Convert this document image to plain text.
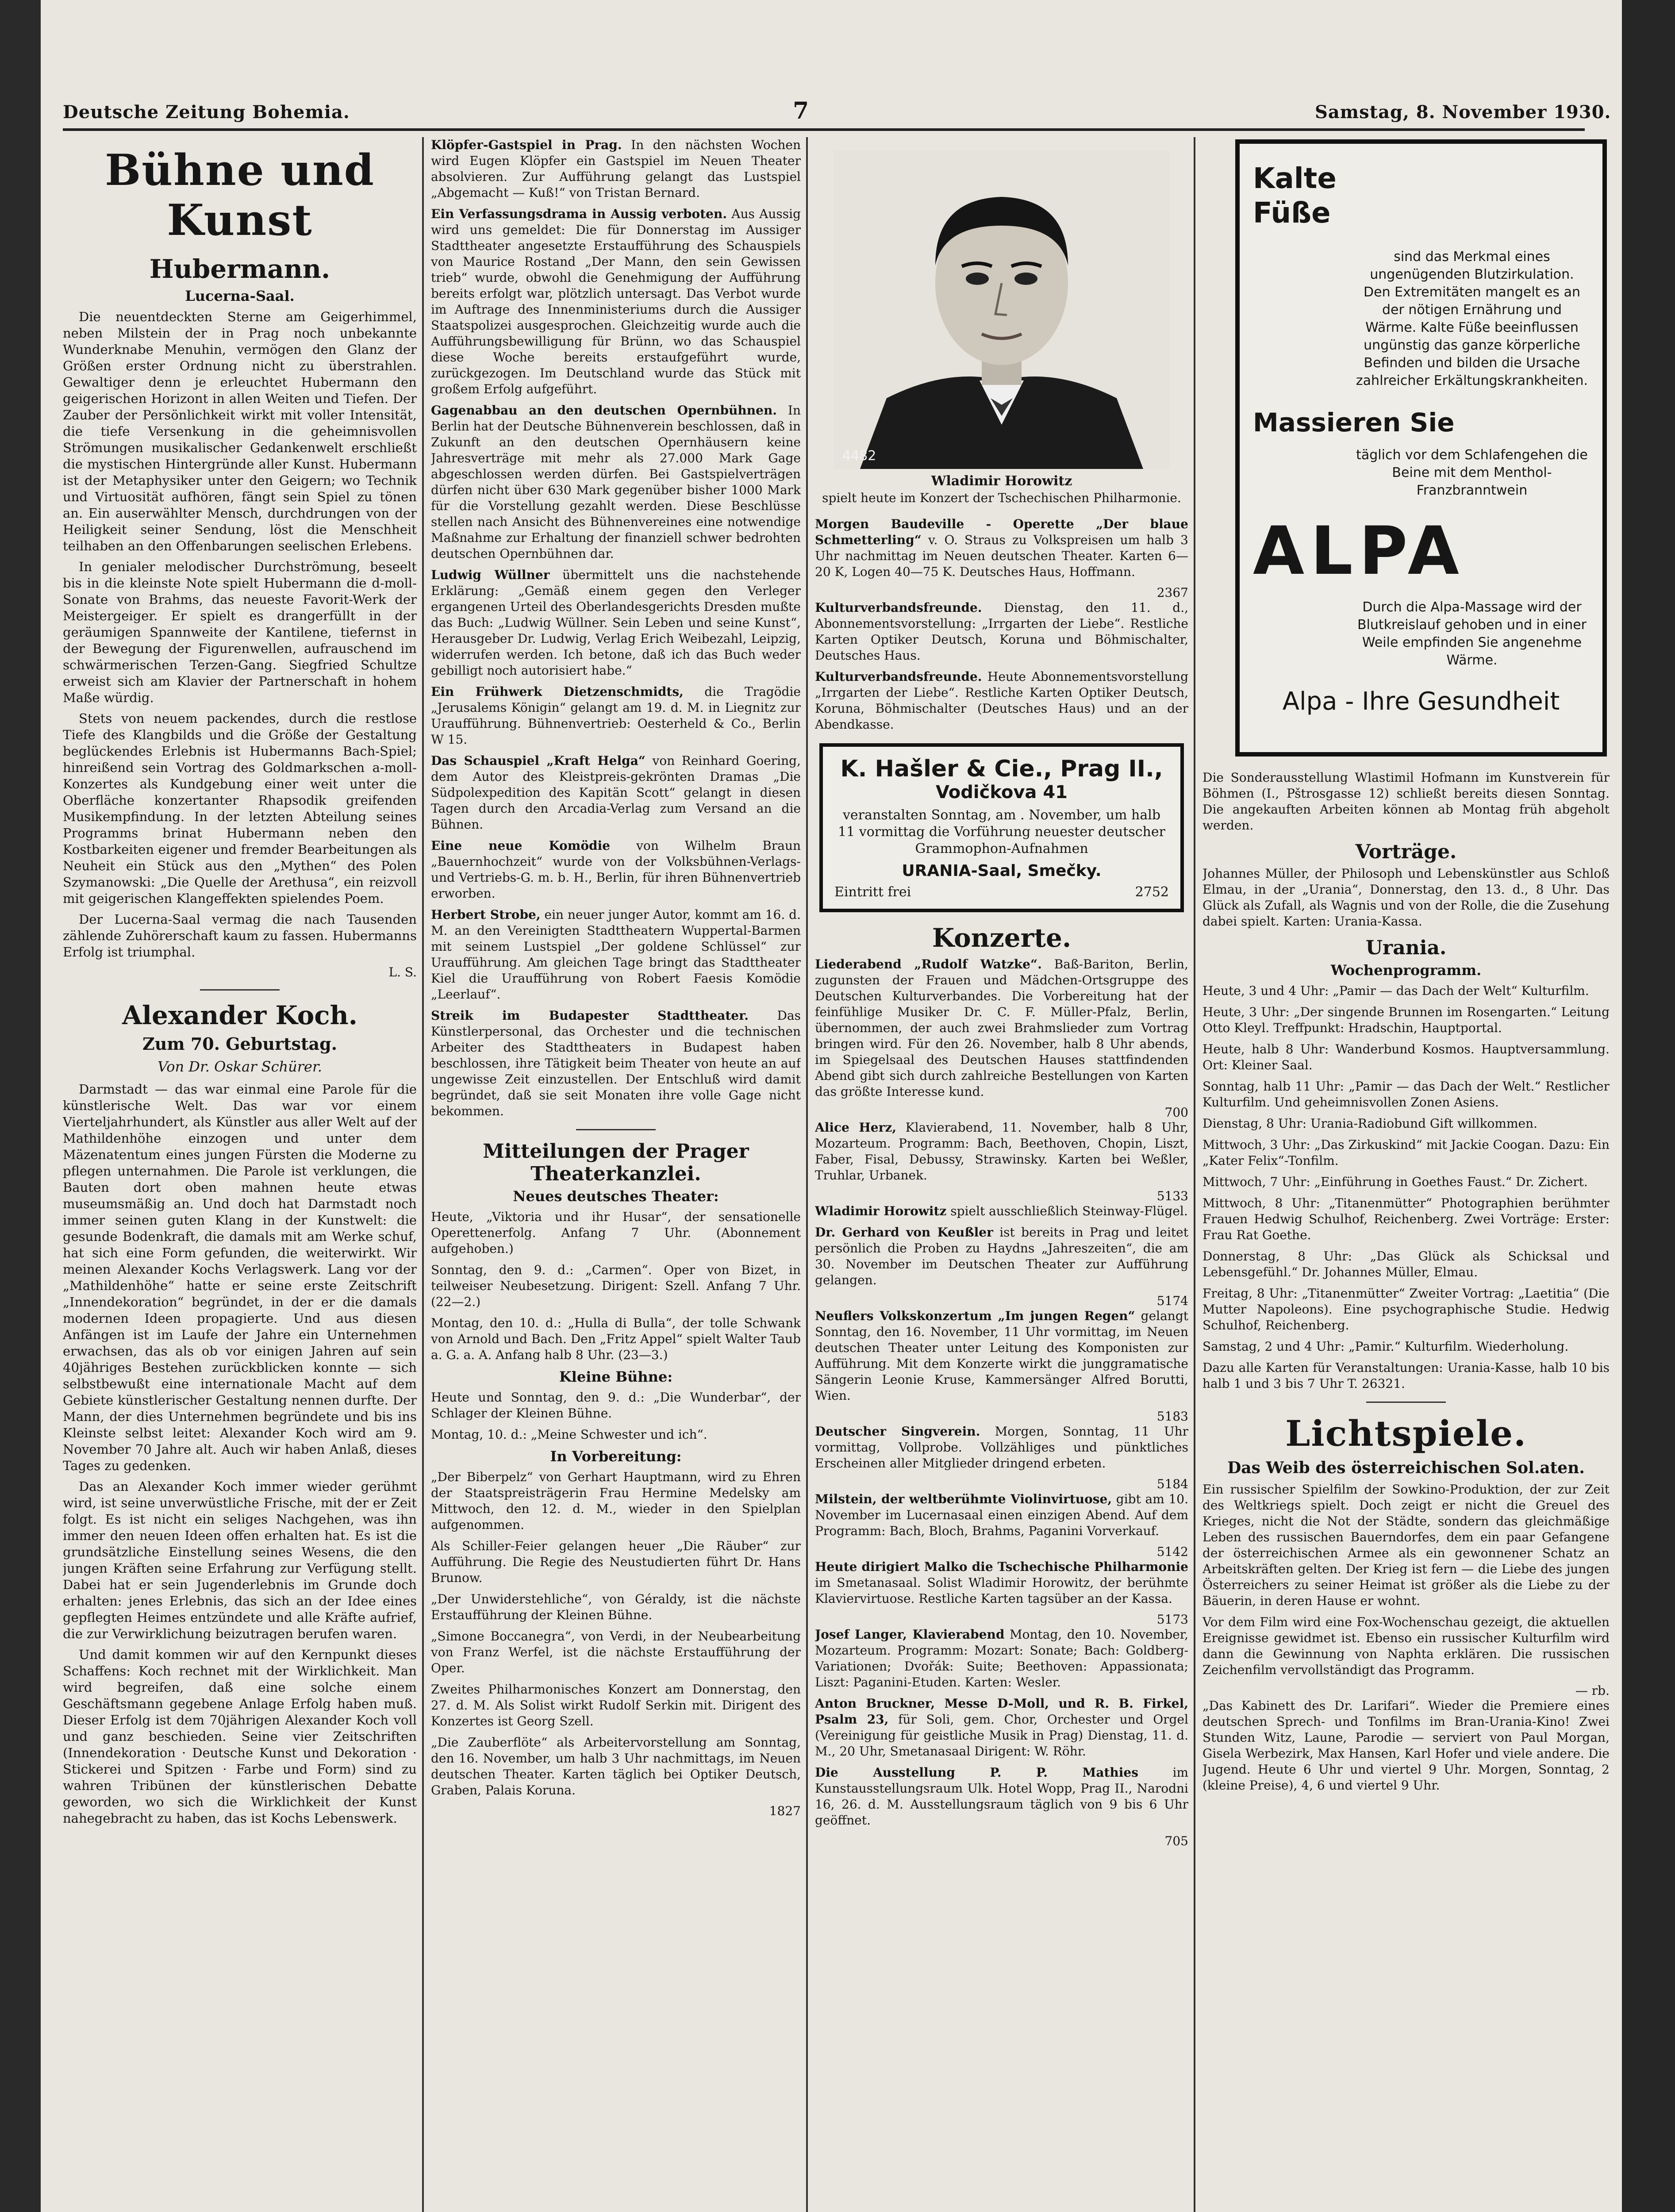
Deutsche Zeitung Bohemia.	7	Samstag, 8. November 1930.
Bühne und Kunst
Hubermann.
Lucerna-Saal.

Die neuentdeckten Sterne am Geigerhimmel, neben Milstein der in Prag noch unbekannte Wunderknabe Menuhin, vermögen den Glanz der Größen erster Ordnung nicht zu überstrahlen. Gewaltiger denn je erleuchtet Hubermann den geigerischen Horizont in allen Weiten und Tiefen. Der Zauber der Persönlichkeit wirkt mit voller Intensität, die tiefe Versenkung in die geheimnisvollen Strömungen musikalischer Gedankenwelt erschließt die mystischen Hintergründe aller Kunst. Hubermann ist der Metaphysiker unter den Geigern; wo Technik und Virtuosität aufhören, fängt sein Spiel zu tönen an. Ein auserwählter Mensch, durchdrungen von der Heiligkeit seiner Sendung, löst die Menschheit teilhaben an den Offenbarungen seelischen Erlebens.

In genialer melodischer Durchströmung, beseelt bis in die kleinste Note spielt Hubermann die d-moll-Sonate von Brahms, das neueste Favorit-Werk der Meistergeiger. Er spielt es drangerfüllt in der geräumigen Spannweite der Kantilene, tiefernst in der Bewegung der Figurenwellen, aufrauschend im schwärmerischen Terzen-Gang. Siegfried Schultze erweist sich am Klavier der Partnerschaft in hohem Maße würdig.

Stets von neuem packendes, durch die restlose Tiefe des Klangbilds und die Größe der Gestaltung beglückendes Erlebnis ist Hubermanns Bach-Spiel; hinreißend sein Vortrag des Goldmarkschen a-moll-Konzertes als Kundgebung einer weit unter die Oberfläche konzertanter Rhapsodik greifenden Musikempfindung. In der letzten Abteilung seines Programms brinat Hubermann neben den Kostbarkeiten eigener und fremder Bearbeitungen als Neuheit ein Stück aus den „Mythen“ des Polen Szymanowski: „Die Quelle der Arethusa“, ein reizvoll mit geigerischen Klangeffekten spielendes Poem.

Der Lucerna-Saal vermag die nach Tausenden zählende Zuhörerschaft kaum zu fassen. Hubermanns Erfolg ist triumphal.

L. S.
Alexander Koch.
Zum 70. Geburtstag.
Von Dr. Oskar Schürer.

Darmstadt — das war einmal eine Parole für die künstlerische Welt. Das war vor einem Vierteljahrhundert, als Künstler aus aller Welt auf der Mathildenhöhe einzogen und unter dem Mäzenatentum eines jungen Fürsten die Moderne zu pflegen unternahmen. Die Parole ist verklungen, die Bauten dort oben mahnen heute etwas museumsmäßig an. Und doch hat Darmstadt noch immer seinen guten Klang in der Kunstwelt: die gesunde Bodenkraft, die damals mit am Werke schuf, hat sich eine Form gefunden, die weiterwirkt. Wir meinen Alexander Kochs Verlagswerk. Lang vor der „Mathildenhöhe“ hatte er seine erste Zeitschrift „Innendekoration“ begründet, in der er die damals modernen Ideen propagierte. Und aus diesen Anfängen ist im Laufe der Jahre ein Unternehmen erwachsen, das als ob vor einigen Jahren auf sein 40jähriges Bestehen zurückblicken konnte — sich selbstbewußt eine internationale Macht auf dem Gebiete künstlerischer Gestaltung nennen durfte. Der Mann, der dies Unternehmen begründete und bis ins Kleinste selbst leitet: Alexander Koch wird am 9. November 70 Jahre alt. Auch wir haben Anlaß, dieses Tages zu gedenken.

Das an Alexander Koch immer wieder gerühmt wird, ist seine unverwüstliche Frische, mit der er Zeit folgt. Es ist nicht ein seliges Nachgehen, was ihn immer den neuen Ideen offen erhalten hat. Es ist die grundsätzliche Einstellung seines Wesens, die den jungen Kräften seine Erfahrung zur Verfügung stellt. Dabei hat er sein Jugenderlebnis im Grunde doch erhalten: jenes Erlebnis, das sich an der Idee eines gepflegten Heimes entzündete und alle Kräfte aufrief, die zur Verwirklichung beizutragen berufen waren.

Und damit kommen wir auf den Kernpunkt dieses Schaffens: Koch rechnet mit der Wirklichkeit. Man wird begreifen, daß eine solche einem Geschäftsmann gegebene Anlage Erfolg haben muß. Dieser Erfolg ist dem 70jährigen Alexander Koch voll und ganz beschieden. Seine vier Zeitschriften (Innendekoration · Deutsche Kunst und Dekoration · Stickerei und Spitzen · Farbe und Form) sind zu wahren Tribünen der künstlerischen Debatte geworden, wo sich die Wirklichkeit der Kunst nahegebracht zu haben, das ist Kochs Lebenswerk.

Klöpfer-Gastspiel in Prag. In den nächsten Wochen wird Eugen Klöpfer ein Gastspiel im Neuen Theater absolvieren. Zur Aufführung gelangt das Lustspiel „Abgemacht — Kuß!“ von Tristan Bernard.

Ein Verfassungsdrama in Aussig verboten. Aus Aussig wird uns gemeldet: Die für Donnerstag im Aussiger Stadttheater angesetzte Erstaufführung des Schauspiels von Maurice Rostand „Der Mann, den sein Gewissen trieb“ wurde, obwohl die Genehmigung der Aufführung bereits erfolgt war, plötzlich untersagt. Das Verbot wurde im Auftrage des Innenministeriums durch die Aussiger Staatspolizei ausgesprochen. Gleichzeitig wurde auch die Aufführungsbewilligung für Brünn, wo das Schauspiel diese Woche bereits erstaufgeführt wurde, zurückgezogen. Im Deutschland wurde das Stück mit großem Erfolg aufgeführt.

Gagenabbau an den deutschen Opernbühnen. In Berlin hat der Deutsche Bühnenverein beschlossen, daß in Zukunft an den deutschen Opernhäusern keine Jahresverträge mit mehr als 27.000 Mark Gage abgeschlossen werden dürfen. Bei Gastspielverträgen dürfen nicht über 630 Mark gegenüber bisher 1000 Mark für die Vorstellung gezahlt werden. Diese Beschlüsse stellen nach Ansicht des Bühnenvereines eine notwendige Maßnahme zur Erhaltung der finanziell schwer bedrohten deutschen Opernbühnen dar.

Ludwig Wüllner übermittelt uns die nachstehende Erklärung: „Gemäß einem gegen den Verleger ergangenen Urteil des Oberlandesgerichts Dresden mußte das Buch: „Ludwig Wüllner. Sein Leben und seine Kunst“, Herausgeber Dr. Ludwig, Verlag Erich Weibezahl, Leipzig, widerrufen werden. Ich betone, daß ich das Buch weder gebilligt noch autorisiert habe.“

Ein Frühwerk Dietzenschmidts, die Tragödie „Jerusalems Königin“ gelangt am 19. d. M. in Liegnitz zur Uraufführung. Bühnenvertrieb: Oesterheld & Co., Berlin W 15.

Das Schauspiel „Kraft Helga“ von Reinhard Goering, dem Autor des Kleistpreis-gekrönten Dramas „Die Südpolexpedition des Kapitän Scott“ gelangt in diesen Tagen durch den Arcadia-Verlag zum Versand an die Bühnen.

Eine neue Komödie von Wilhelm Braun „Bauernhochzeit“ wurde von der Volksbühnen-Verlags- und Vertriebs-G. m. b. H., Berlin, für ihren Bühnenvertrieb erworben.

Herbert Strobe, ein neuer junger Autor, kommt am 16. d. M. an den Vereinigten Stadttheatern Wuppertal-Barmen mit seinem Lustspiel „Der goldene Schlüssel“ zur Uraufführung. Am gleichen Tage bringt das Stadttheater Kiel die Uraufführung von Robert Faesis Komödie „Leerlauf“.

Streik im Budapester Stadttheater. Das Künstlerpersonal, das Orchester und die technischen Arbeiter des Stadttheaters in Budapest haben beschlossen, ihre Tätigkeit beim Theater von heute an auf ungewisse Zeit einzustellen. Der Entschluß wird damit begründet, daß sie seit Monaten ihre volle Gage nicht bekommen.

Mitteilungen der Prager Theaterkanzlei.
Neues deutsches Theater:

Heute, „Viktoria und ihr Husar“, der sensationelle Operettenerfolg. Anfang 7 Uhr. (Abonnement aufgehoben.)

Sonntag, den 9. d.: „Carmen“. Oper von Bizet, in teilweiser Neubesetzung. Dirigent: Szell. Anfang 7 Uhr. (22—2.)

Montag, den 10. d.: „Hulla di Bulla“, der tolle Schwank von Arnold und Bach. Den „Fritz Appel“ spielt Walter Taub a. G. a. A. Anfang halb 8 Uhr. (23—3.)

Kleine Bühne:

Heute und Sonntag, den 9. d.: „Die Wunderbar“, der Schlager der Kleinen Bühne.

Montag, 10. d.: „Meine Schwester und ich“.

In Vorbereitung:

„Der Biberpelz“ von Gerhart Hauptmann, wird zu Ehren der Staatspreisträgerin Frau Hermine Medelsky am Mittwoch, den 12. d. M., wieder in den Spielplan aufgenommen.

Als Schiller-Feier gelangen heuer „Die Räuber“ zur Aufführung. Die Regie des Neustudierten führt Dr. Hans Brunow.

„Der Unwiderstehliche“, von Géraldy, ist die nächste Erstaufführung der Kleinen Bühne.

„Simone Boccanegra“, von Verdi, in der Neubearbeitung von Franz Werfel, ist die nächste Erstaufführung der Oper.

Zweites Philharmonisches Konzert am Donnerstag, den 27. d. M. Als Solist wirkt Rudolf Serkin mit. Dirigent des Konzertes ist Georg Szell.

„Die Zauberflöte“ als Arbeitervorstellung am Sonntag, den 16. November, um halb 3 Uhr nachmittags, im Neuen deutschen Theater. Karten täglich bei Optiker Deutsch, Graben, Palais Koruna.

1827
4482
Wladimir Horowitz
spielt heute im Konzert der Tschechischen Philharmonie.

Morgen Baudeville - Operette „Der blaue Schmetterling“ v. O. Straus zu Volkspreisen um halb 3 Uhr nachmittag im Neuen deutschen Theater. Karten 6—20 K, Logen 40—75 K. Deutsches Haus, Hoffmann.

2367

Kulturverbandsfreunde. Dienstag, den 11. d., Abonnementsvorstellung: „Irrgarten der Liebe“. Restliche Karten Optiker Deutsch, Koruna und Böhmischalter, Deutsches Haus.

Kulturverbandsfreunde. Heute Abonnementsvorstellung „Irrgarten der Liebe“. Restliche Karten Optiker Deutsch, Koruna, Böhmischalter (Deutsches Haus) und an der Abendkasse.

K. Hašler & Cie., Prag II.,
Vodičkova 41
veranstalten Sonntag, am . November, um halb 11 vormittag die Vorführung neuester deutscher Grammophon-Aufnahmen
URANIA-Saal, Smečky.
Eintritt frei	2752
Konzerte.

Liederabend „Rudolf Watzke“. Baß-Bariton, Berlin, zugunsten der Frauen und Mädchen-Ortsgruppe des Deutschen Kulturverbandes. Die Vorbereitung hat der feinfühlige Musiker Dr. C. F. Müller-Pfalz, Berlin, übernommen, der auch zwei Brahmslieder zum Vortrag bringen wird. Für den 26. November, halb 8 Uhr abends, im Spiegelsaal des Deutschen Hauses stattfindenden Abend gibt sich durch zahlreiche Bestellungen von Karten das größte Interesse kund.

700

Alice Herz, Klavierabend, 11. November, halb 8 Uhr, Mozarteum. Programm: Bach, Beethoven, Chopin, Liszt, Faber, Fisal, Debussy, Strawinsky. Karten bei Weßler, Truhlar, Urbanek.

5133

Wladimir Horowitz spielt ausschließlich Steinway-Flügel.

Dr. Gerhard von Keußler ist bereits in Prag und leitet persönlich die Proben zu Haydns „Jahreszeiten“, die am 30. November im Deutschen Theater zur Aufführung gelangen.

5174

Neuflers Volkskonzertum „Im jungen Regen“ gelangt Sonntag, den 16. November, 11 Uhr vormittag, im Neuen deutschen Theater unter Leitung des Komponisten zur Aufführung. Mit dem Konzerte wirkt die junggramatische Sängerin Leonie Kruse, Kammersänger Alfred Borutti, Wien.

5183

Deutscher Singverein. Morgen, Sonntag, 11 Uhr vormittag, Vollprobe. Vollzähliges und pünktliches Erscheinen aller Mitglieder dringend erbeten.

5184

Milstein, der weltberühmte Violinvirtuose, gibt am 10. November im Lucernasaal einen einzigen Abend. Auf dem Programm: Bach, Bloch, Brahms, Paganini Vorverkauf.

5142

Heute dirigiert Malko die Tschechische Philharmonie im Smetanasaal. Solist Wladimir Horowitz, der berühmte Klaviervirtuose. Restliche Karten tagsüber an der Kassa.

5173

Josef Langer, Klavierabend Montag, den 10. November, Mozarteum. Programm: Mozart: Sonate; Bach: Goldberg-Variationen; Dvořák: Suite; Beethoven: Appassionata; Liszt: Paganini-Etuden. Karten: Wesler.

Anton Bruckner, Messe D-Moll, und R. B. Firkel, Psalm 23, für Soli, gem. Chor, Orchester und Orgel (Vereinigung für geistliche Musik in Prag) Dienstag, 11. d. M., 20 Uhr, Smetanasaal Dirigent: W. Röhr.

Die Ausstellung P. P. Mathies	im Kunstausstellungsraum Ulk. Hotel Wopp, Prag II., Narodni 16, 26. d. M. Ausstellungsraum täglich von 9 bis 6 Uhr geöffnet.

705
Kalte
Füße
sind das Merkmal eines ungenügenden Blutzirkulation. Den Extremitäten mangelt es an der nötigen Ernährung und Wärme. Kalte Füße beeinflussen ungünstig das ganze körperliche Befinden und bilden die Ursache zahlreicher Erkältungskrankheiten.
Massieren Sie
täglich vor dem Schlafengehen die Beine mit dem Menthol-Franzbranntwein
ALPA
Durch die Alpa-Massage wird der Blutkreislauf gehoben und in einer Weile empfinden Sie angenehme Wärme.
Alpa - Ihre Gesundheit

Die Sonderausstellung Wlastimil Hofmann im Kunstverein für Böhmen (I., Pštrosgasse 12) schließt bereits diesen Sonntag. Die angekauften Arbeiten können ab Montag früh abgeholt werden.

Vorträge.

Johannes Müller, der Philosoph und Lebenskünstler aus Schloß Elmau, in der „Urania“, Donnerstag, den 13. d., 8 Uhr. Das Glück als Zufall, als Wagnis und von der Rolle, die die Zusehung dabei spielt. Karten: Urania-Kassa.

Urania.
Wochenprogramm.

Heute, 3 und 4 Uhr: „Pamir — das Dach der Welt“ Kulturfilm.

Heute, 3 Uhr: „Der singende Brunnen im Rosengarten.“ Leitung Otto Kleyl. Treffpunkt: Hradschin, Hauptportal.

Heute, halb 8 Uhr: Wanderbund Kosmos. Hauptversammlung. Ort: Kleiner Saal.

Sonntag, halb 11 Uhr: „Pamir — das Dach der Welt.“ Restlicher Kulturfilm. Und geheimnisvollen Zonen Asiens.

Dienstag, 8 Uhr: Urania-Radiobund Gift willkommen.

Mittwoch, 3 Uhr: „Das Zirkuskind“ mit Jackie Coogan. Dazu: Ein „Kater Felix“-Tonfilm.

Mittwoch, 7 Uhr: „Einführung in Goethes Faust.“ Dr. Zichert.

Mittwoch, 8 Uhr: „Titanenmütter“ Photographien berühmter Frauen Hedwig Schulhof, Reichenberg. Zwei Vorträge: Erster: Frau Rat Goethe.

Donnerstag, 8 Uhr: „Das Glück als Schicksal und Lebensgefühl.“ Dr. Johannes Müller, Elmau.

Freitag, 8 Uhr: „Titanenmütter“ Zweiter Vortrag: „Laetitia“ (Die Mutter Napoleons). Eine psychographische Studie. Hedwig Schulhof, Reichenberg.

Samstag, 2 und 4 Uhr: „Pamir.“ Kulturfilm. Wiederholung.

Dazu alle Karten für Veranstaltungen: Urania-Kasse, halb 10 bis halb 1 und 3 bis 7 Uhr T. 26321.

Lichtspiele.
Das Weib des österreichischen Sol.aten.

Ein russischer Spielfilm der Sowkino-Produktion, der zur Zeit des Weltkriegs spielt. Doch zeigt er nicht die Greuel des Krieges, nicht die Not der Städte, sondern das gleichmäßige Leben des russischen Bauerndorfes, dem ein paar Gefangene der österreichischen Armee als ein gewonnener Schatz an Arbeitskräften gelten. Der Krieg ist fern — die Liebe des jungen Österreichers zu seiner Heimat ist größer als die Liebe zu der Bäuerin, in deren Hause er wohnt.

Vor dem Film wird eine Fox-Wochenschau gezeigt, die aktuellen Ereignisse gewidmet ist. Ebenso ein russischer Kulturfilm wird dann die Gewinnung von Naphta erklären. Die russischen Zeichenfilm vervollständigt das Programm.

— rb.

„Das Kabinett des Dr. Larifari“. Wieder die Premiere eines deutschen Sprech- und Tonfilms im Bran-Urania-Kino! Zwei Stunden Witz, Laune, Parodie — serviert von Paul Morgan, Gisela Werbezirk, Max Hansen, Karl Hofer und viele andere. Die Jugend. Heute 6 Uhr und viertel 9 Uhr. Morgen, Sonntag, 2 (kleine Preise), 4, 6 und viertel 9 Uhr.
